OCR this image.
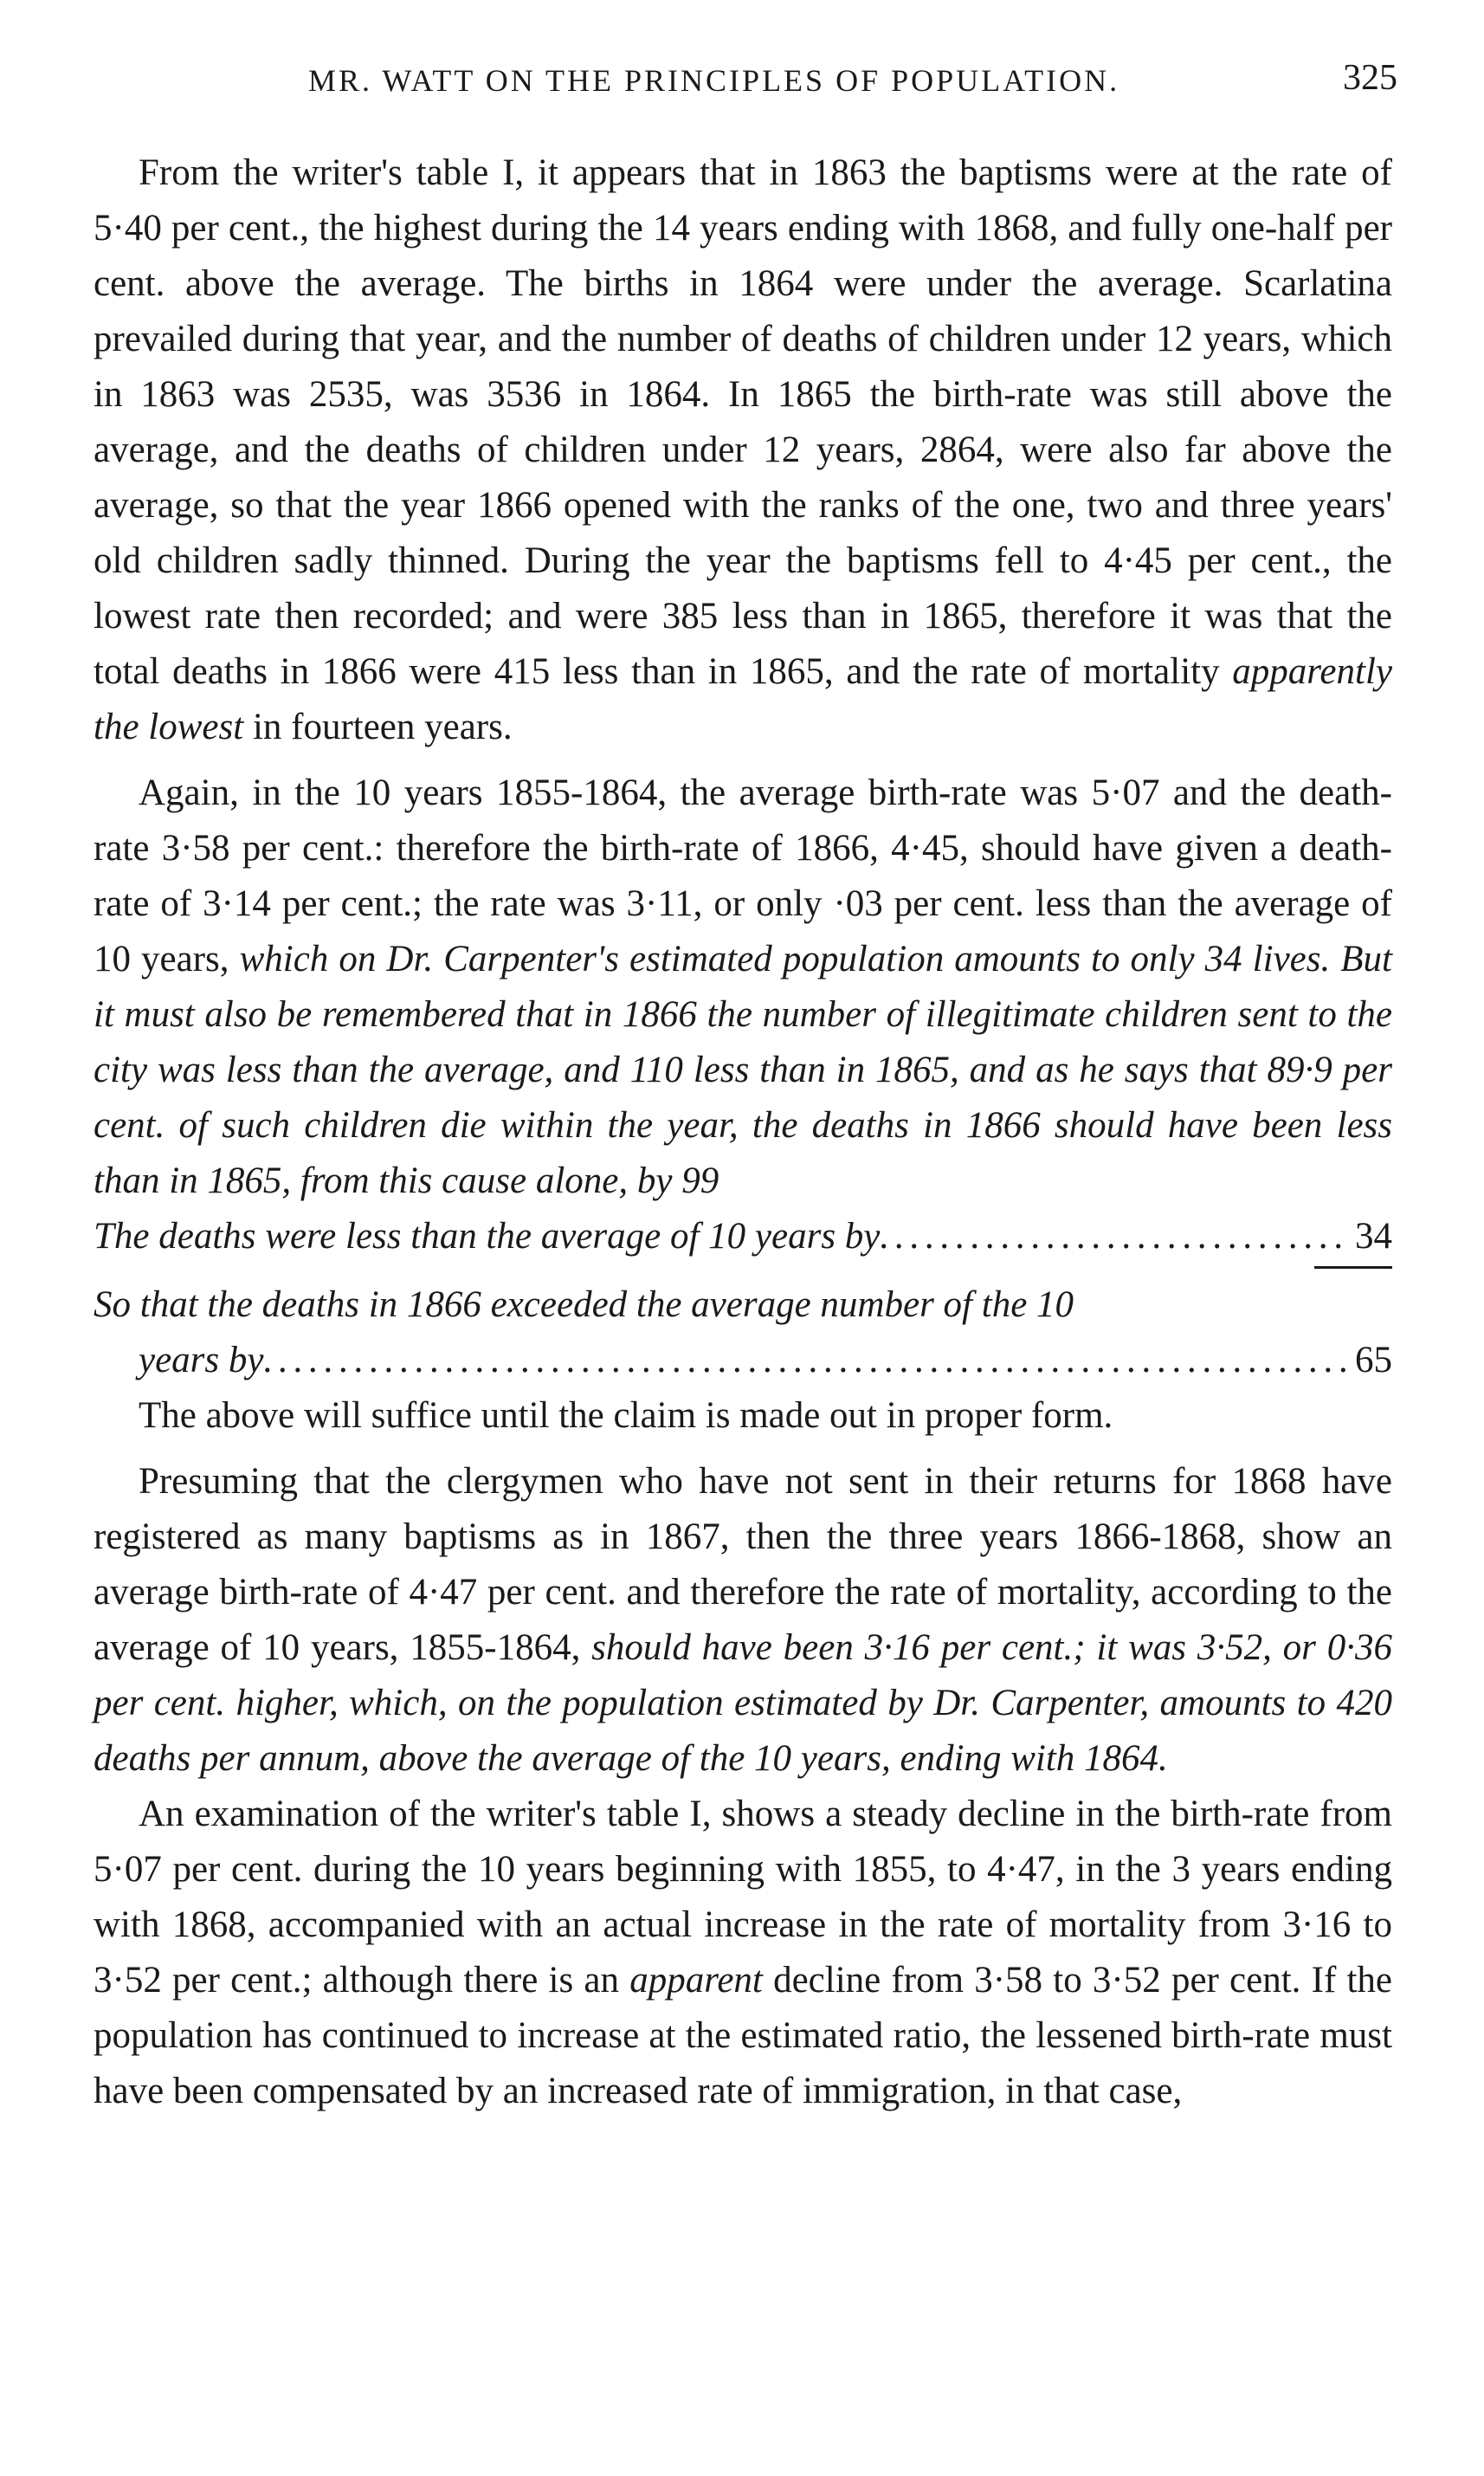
MR. WATT ON THE PRINCIPLES OF POPULATION.	325

From the writer's table I, it appears that in 1863 the baptisms were at the rate of 5·40 per cent., the highest during the 14 years ending with 1868, and fully one-half per cent. above the average. The births in 1864 were under the average. Scarlatina prevailed during that year, and the number of deaths of children under 12 years, which in 1863 was 2535, was 3536 in 1864. In 1865 the birth-rate was still above the average, and the deaths of children under 12 years, 2864, were also far above the average, so that the year 1866 opened with the ranks of the one, two and three years' old children sadly thinned. During the year the baptisms fell to 4·45 per cent., the lowest rate then recorded; and were 385 less than in 1865, therefore it was that the total deaths in 1866 were 415 less than in 1865, and the rate of mortality apparently the lowest in fourteen years.

Again, in the 10 years 1855-1864, the average birth-rate was 5·07 and the death-rate 3·58 per cent.: therefore the birth-rate of 1866, 4·45, should have given a death-rate of 3·14 per cent.; the rate was 3·11, or only ·03 per cent. less than the average of 10 years, which on Dr. Carpenter's estimated population amounts to only 34 lives. But it must also be remembered that in 1866 the number of illegitimate children sent to the city was less than the average, and 110 less than in 1865, and as he says that 89·9 per cent. of such children die within the year, the deaths in 1866 should have been less than in 1865, from this cause alone, by 99

The deaths were less than the average of 10 years by . . .	34
So that the deaths in 1866 exceeded the average number of the 10
years by . . .	65

The above will suffice until the claim is made out in proper form.

Presuming that the clergymen who have not sent in their returns for 1868 have registered as many baptisms as in 1867, then the three years 1866-1868, show an average birth-rate of 4·47 per cent. and therefore the rate of mortality, according to the average of 10 years, 1855-1864, should have been 3·16 per cent.; it was 3·52, or 0·36 per cent. higher, which, on the population estimated by Dr. Carpenter, amounts to 420 deaths per annum, above the average of the 10 years, ending with 1864.

An examination of the writer's table I, shows a steady decline in the birth-rate from 5·07 per cent. during the 10 years beginning with 1855, to 4·47, in the 3 years ending with 1868, accompanied with an actual increase in the rate of mortality from 3·16 to 3·52 per cent.; although there is an apparent decline from 3·58 to 3·52 per cent. If the population has continued to increase at the estimated ratio, the lessened birth-rate must have been compensated by an increased rate of immigration, in that case,
